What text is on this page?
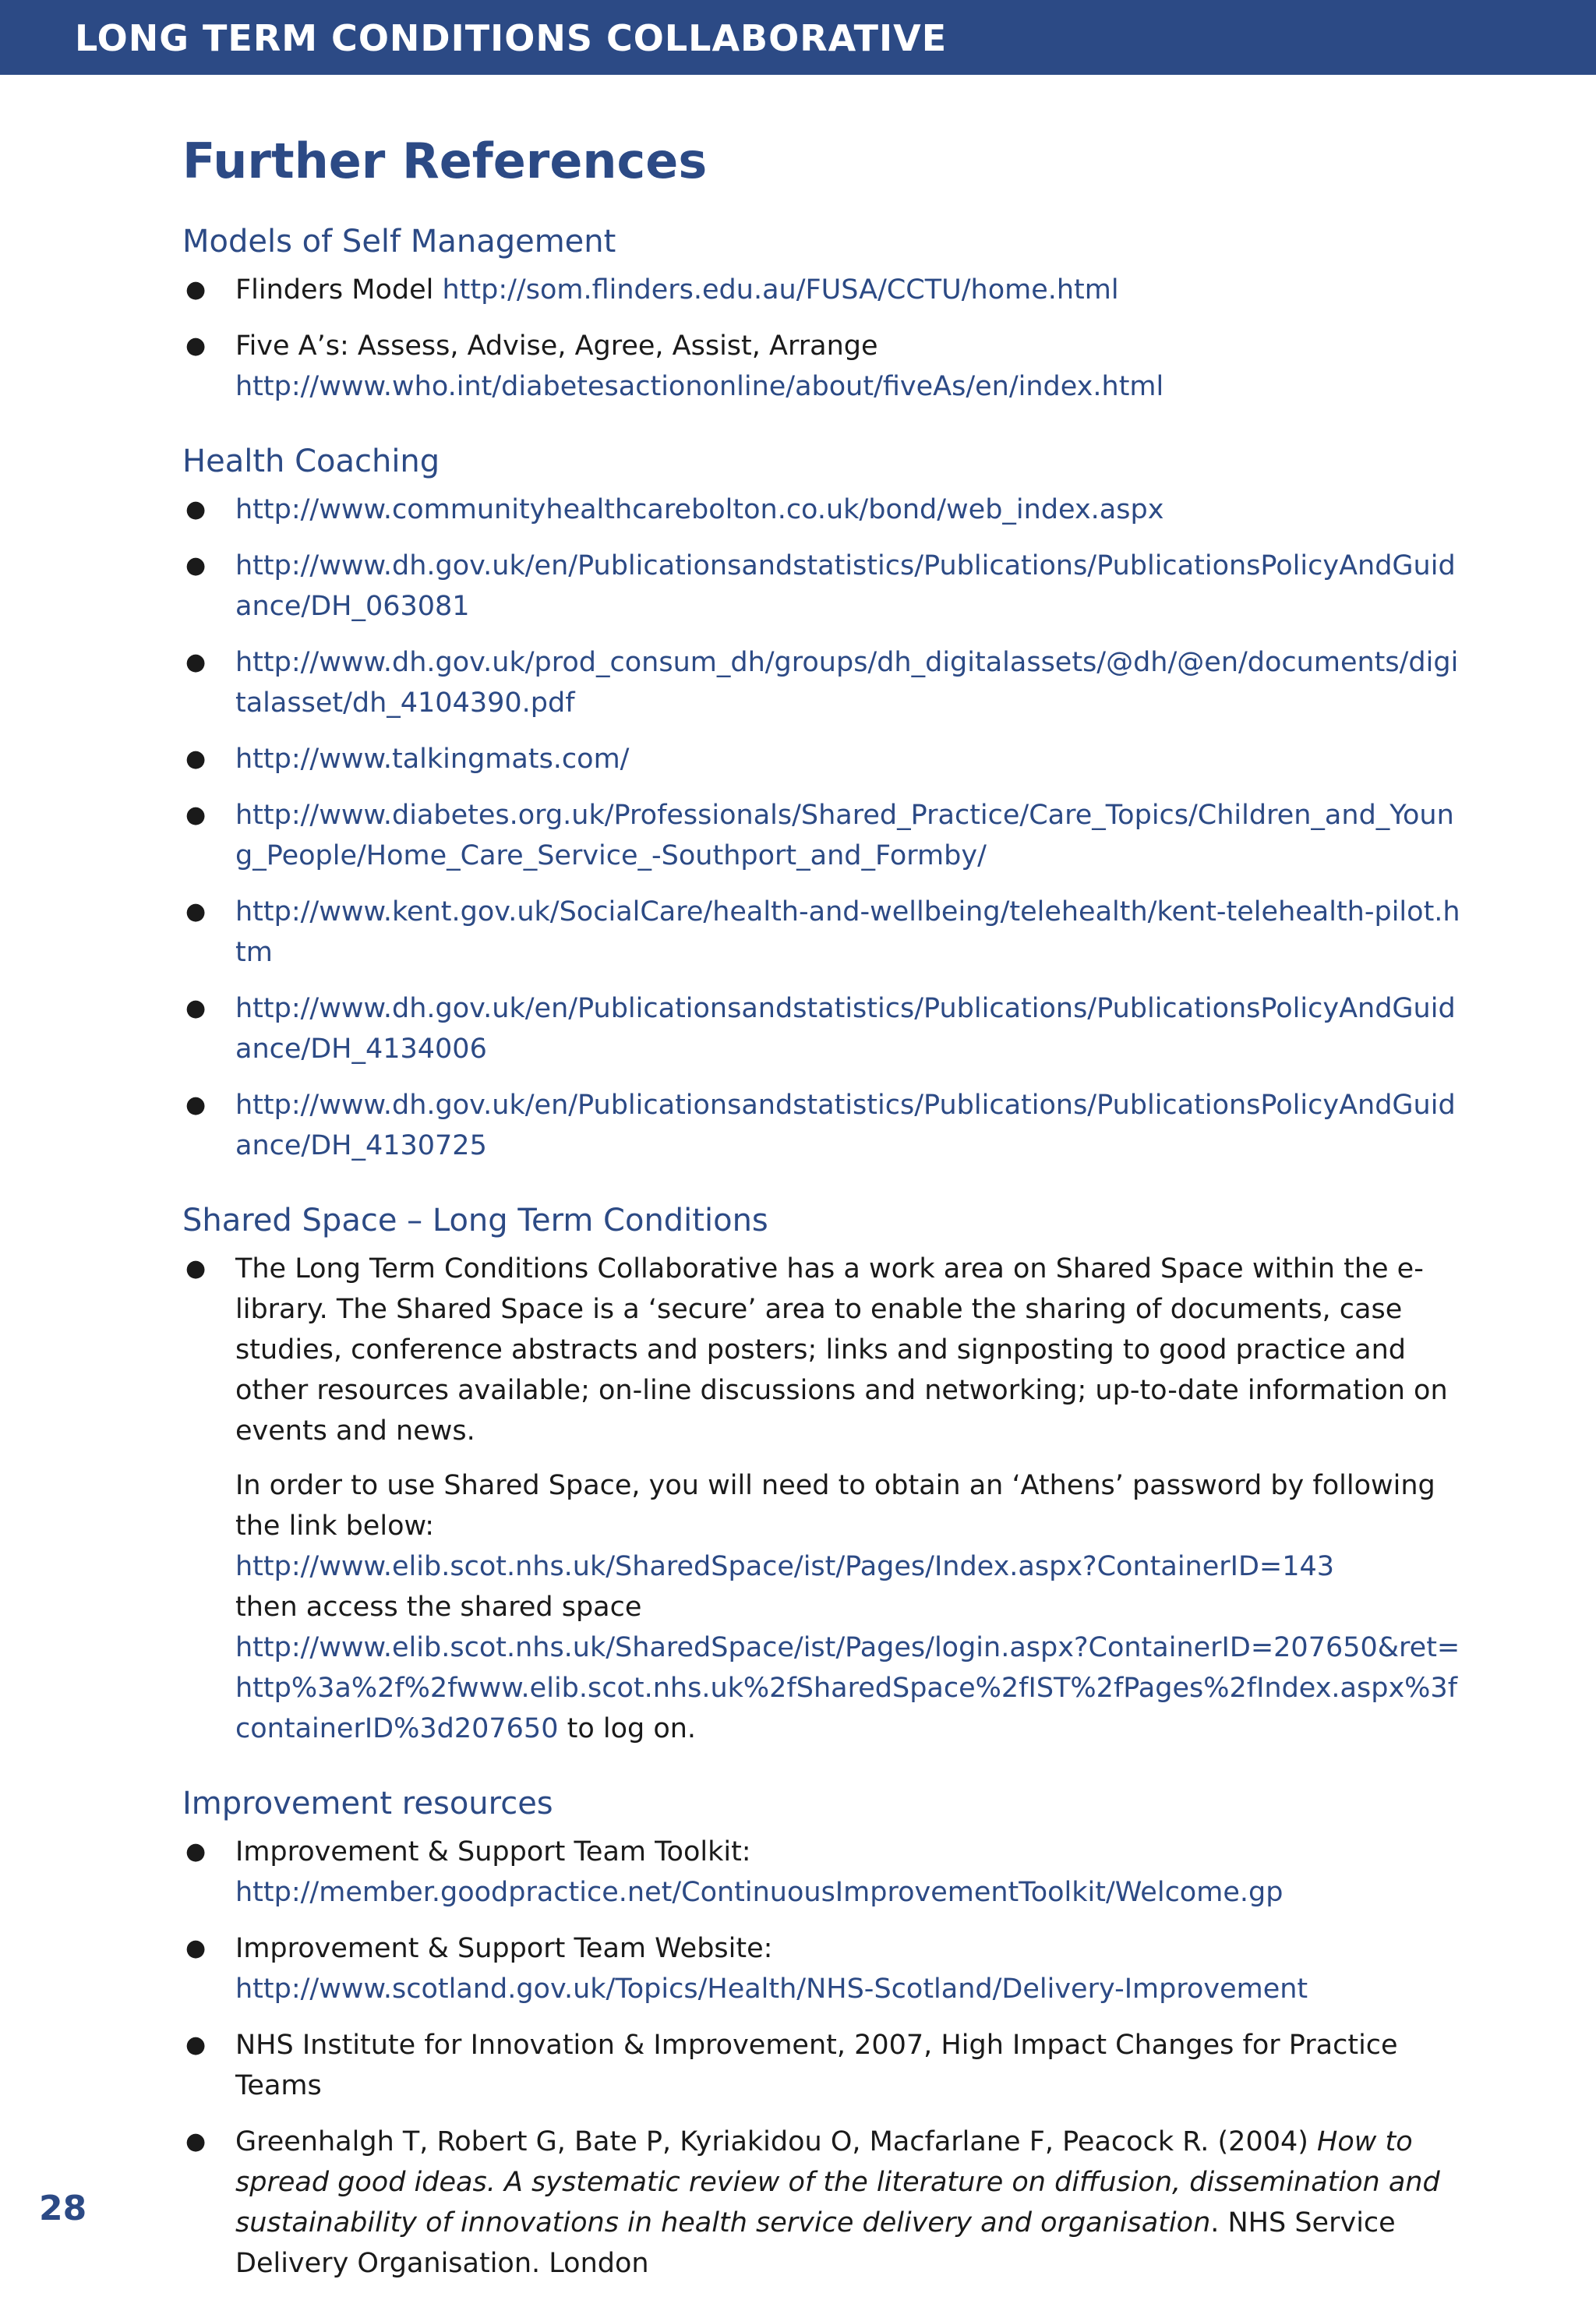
LONG TERM CONDITIONS COLLABORATIVE
Further References
Models of Self Management
● Flinders Model http://som.flinders.edu.au/FUSA/CCTU/home.html
● Five A’s: Assess, Advise, Agree, Assist, Arrange
http://www.who.int/diabetesactiononline/about/fiveAs/en/index.html
Health Coaching
● http://www.communityhealthcarebolton.co.uk/bond/web_index.aspx
● http://www.dh.gov.uk/en/Publicationsandstatistics/Publications/PublicationsPolicyAndGuidance/DH_063081
● http://www.dh.gov.uk/prod_consum_dh/groups/dh_digitalassets/@dh/@en/documents/digitalasset/dh_4104390.pdf
● http://www.talkingmats.com/
● http://www.diabetes.org.uk/Professionals/Shared_Practice/Care_Topics/Children_and_Young_People/Home_Care_Service_-Southport_and_Formby/
● http://www.kent.gov.uk/SocialCare/health-and-wellbeing/telehealth/kent-telehealth-pilot.htm
● http://www.dh.gov.uk/en/Publicationsandstatistics/Publications/PublicationsPolicyAndGuidance/DH_4134006
● http://www.dh.gov.uk/en/Publicationsandstatistics/Publications/PublicationsPolicyAndGuidance/DH_4130725
Shared Space – Long Term Conditions
● The Long Term Conditions Collaborative has a work area on Shared Space within the e-library. The Shared Space is a ‘secure’ area to enable the sharing of documents, case studies, conference abstracts and posters; links and signposting to good practice and other resources available; on-line discussions and networking; up-to-date information on events and news.

In order to use Shared Space, you will need to obtain an ‘Athens’ password by following the link below:
http://www.elib.scot.nhs.uk/SharedSpace/ist/Pages/Index.aspx?ContainerID=143
then access the shared space
http://www.elib.scot.nhs.uk/SharedSpace/ist/Pages/login.aspx?ContainerID=207650&ret=http%3a%2f%2fwww.elib.scot.nhs.uk%2fSharedSpace%2fIST%2fPages%2fIndex.aspx%3fcontainerID%3d207650 to log on.

Improvement resources
● Improvement & Support Team Toolkit:
http://member.goodpractice.net/ContinuousImprovementToolkit/Welcome.gp
● Improvement & Support Team Website:
http://www.scotland.gov.uk/Topics/Health/NHS-Scotland/Delivery-Improvement
● NHS Institute for Innovation & Improvement, 2007, High Impact Changes for Practice Teams
● Greenhalgh T, Robert G, Bate P, Kyriakidou O, Macfarlane F, Peacock R. (2004) How to spread good ideas. A systematic review of the literature on diffusion, dissemination and sustainability of innovations in health service delivery and organisation. NHS Service Delivery Organisation. London
28
